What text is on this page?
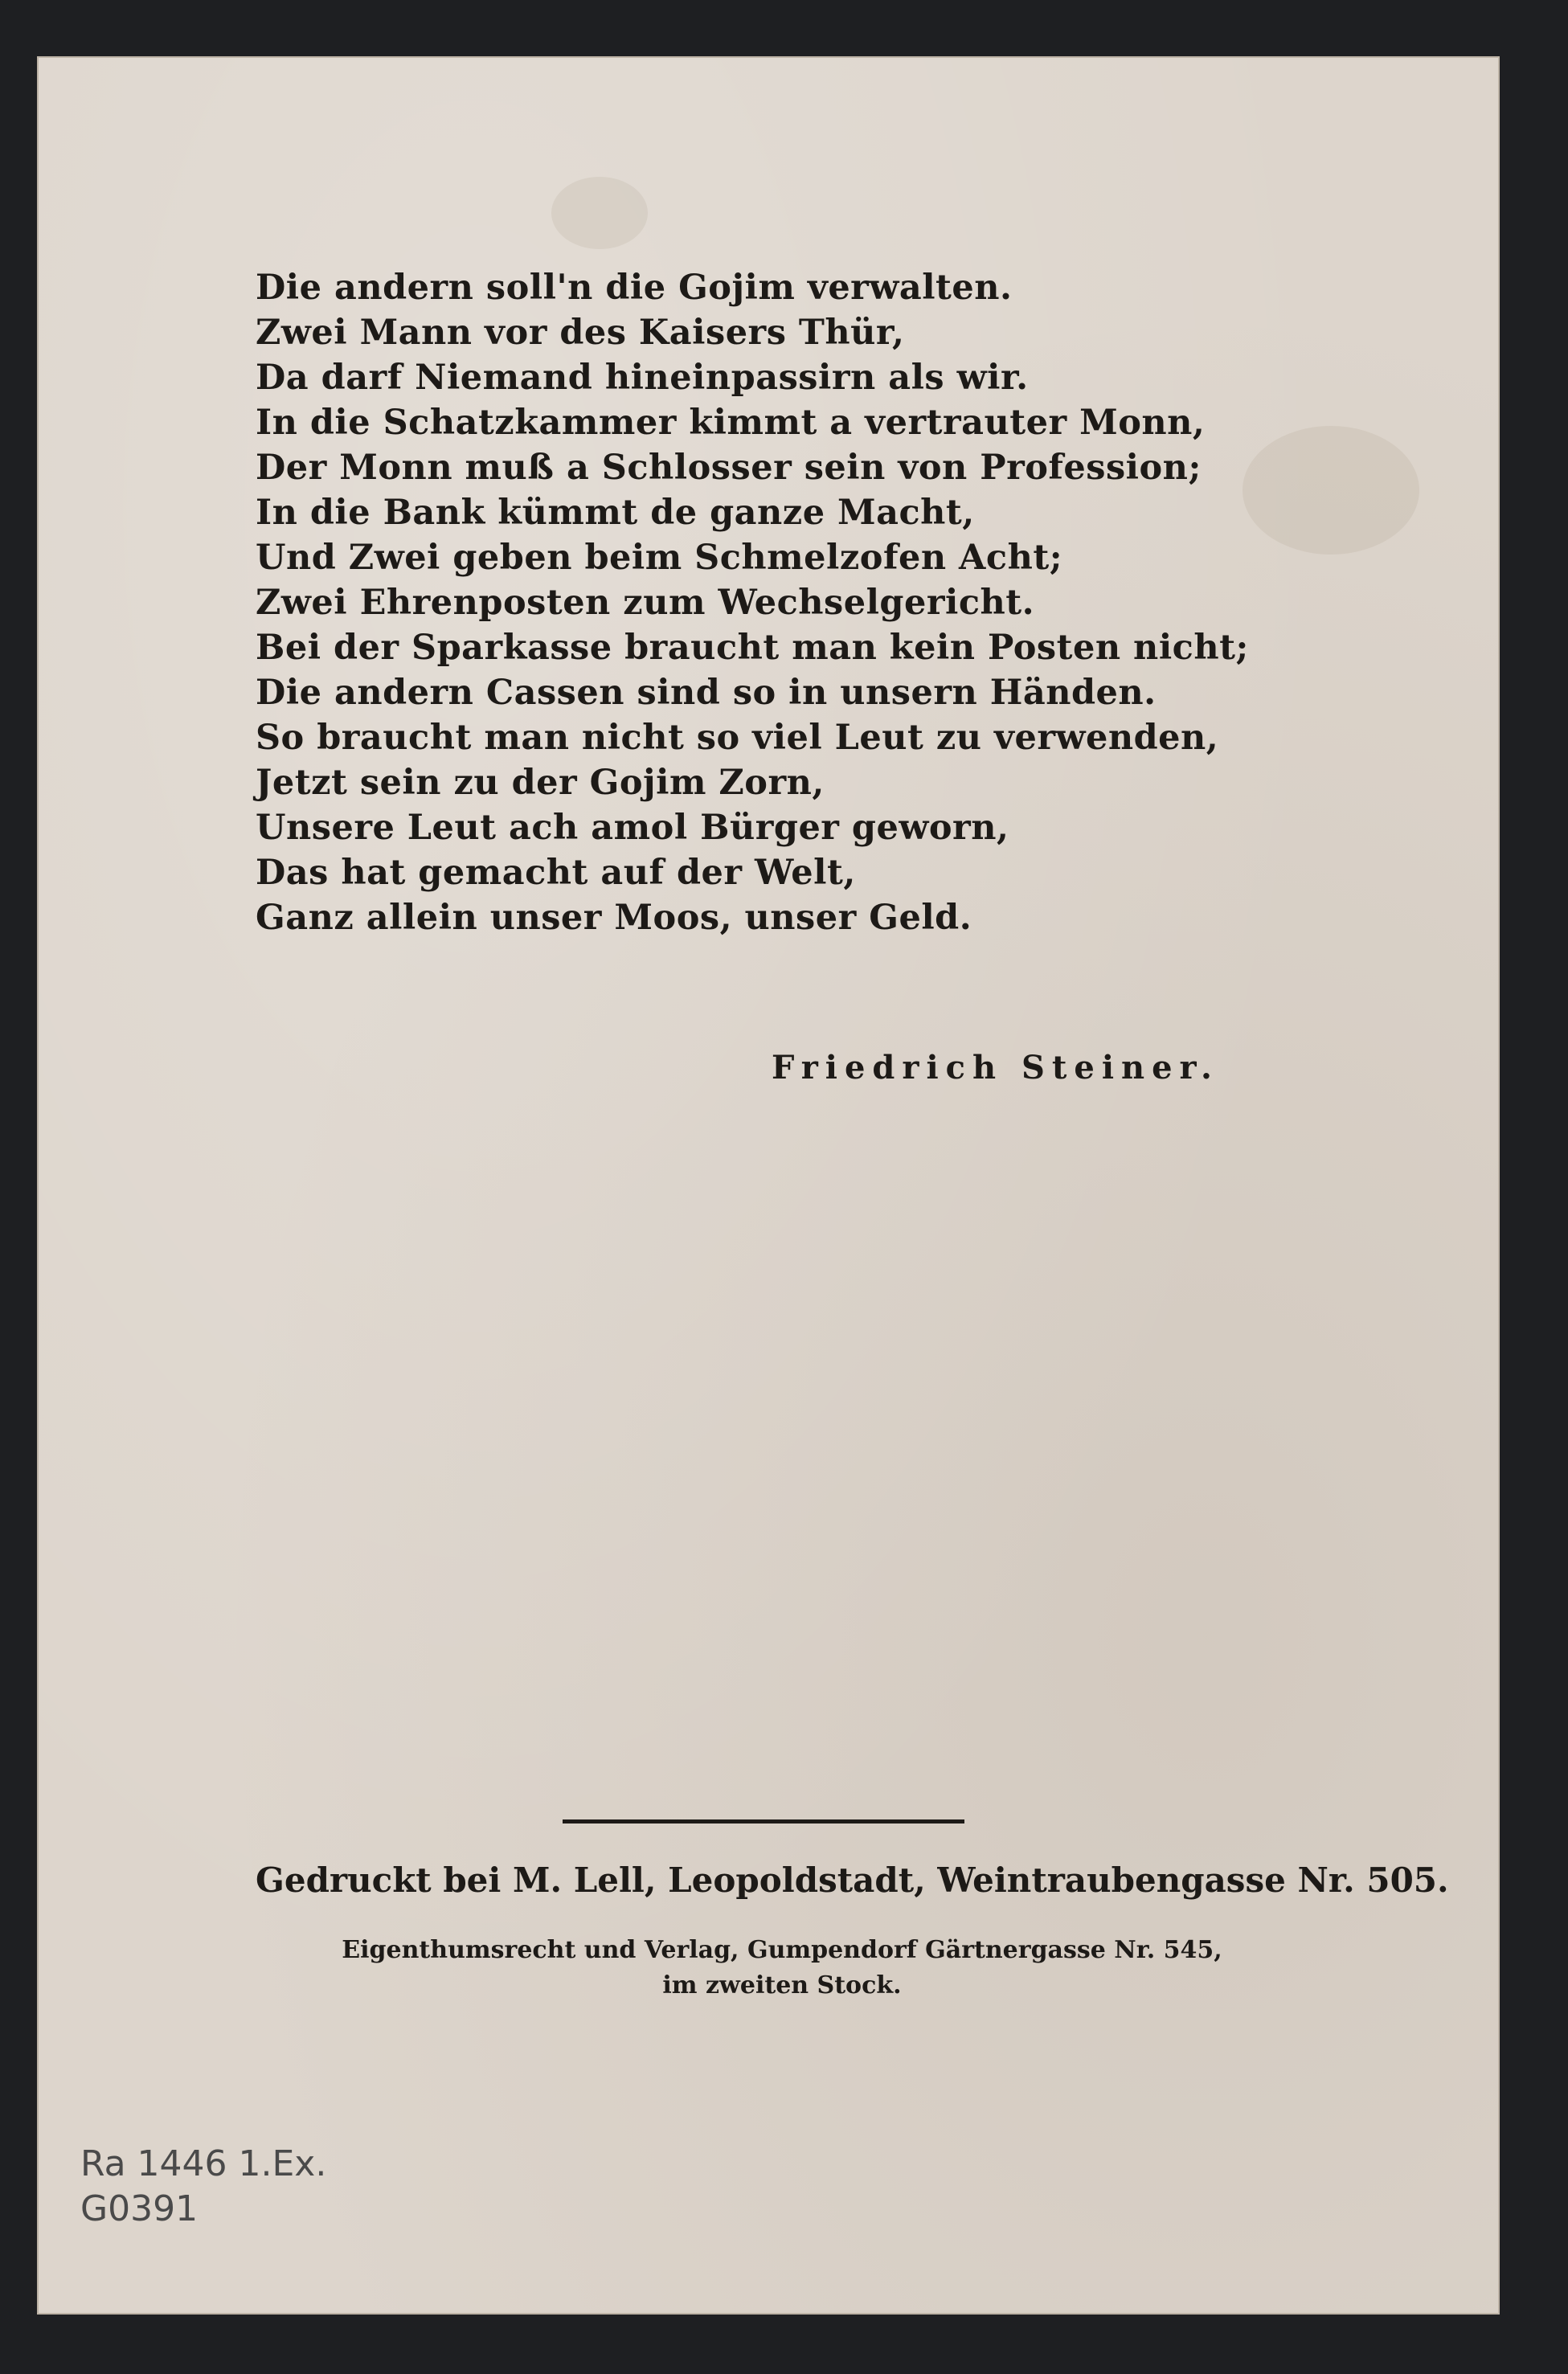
Die andern soll'n die Gojim verwalten.
Zwei Mann vor des Kaisers Thür,
Da darf Niemand hineinpassirn als wir.
In die Schatzkammer kimmt a vertrauter Monn,
Der Monn muß a Schlosser sein von Profession;
In die Bank kümmt de ganze Macht,
Und Zwei geben beim Schmelzofen Acht;
Zwei Ehrenposten zum Wechselgericht.
Bei der Sparkasse braucht man kein Posten nicht;
Die andern Cassen sind so in unsern Händen.
So braucht man nicht so viel Leut zu verwenden,
Jetzt sein zu der Gojim Zorn,
Unsere Leut ach amol Bürger geworn,
Das hat gemacht auf der Welt,
Ganz allein unser Moos, unser Geld.
Friedrich Steiner.
Gedruckt bei M. Lell, Leopoldstadt, Weintraubengasse Nr. 505.
Eigenthumsrecht und Verlag, Gumpendorf Gärtnergasse Nr. 545,
im zweiten Stock.
Ra 1446 1.Ex.
G0391
